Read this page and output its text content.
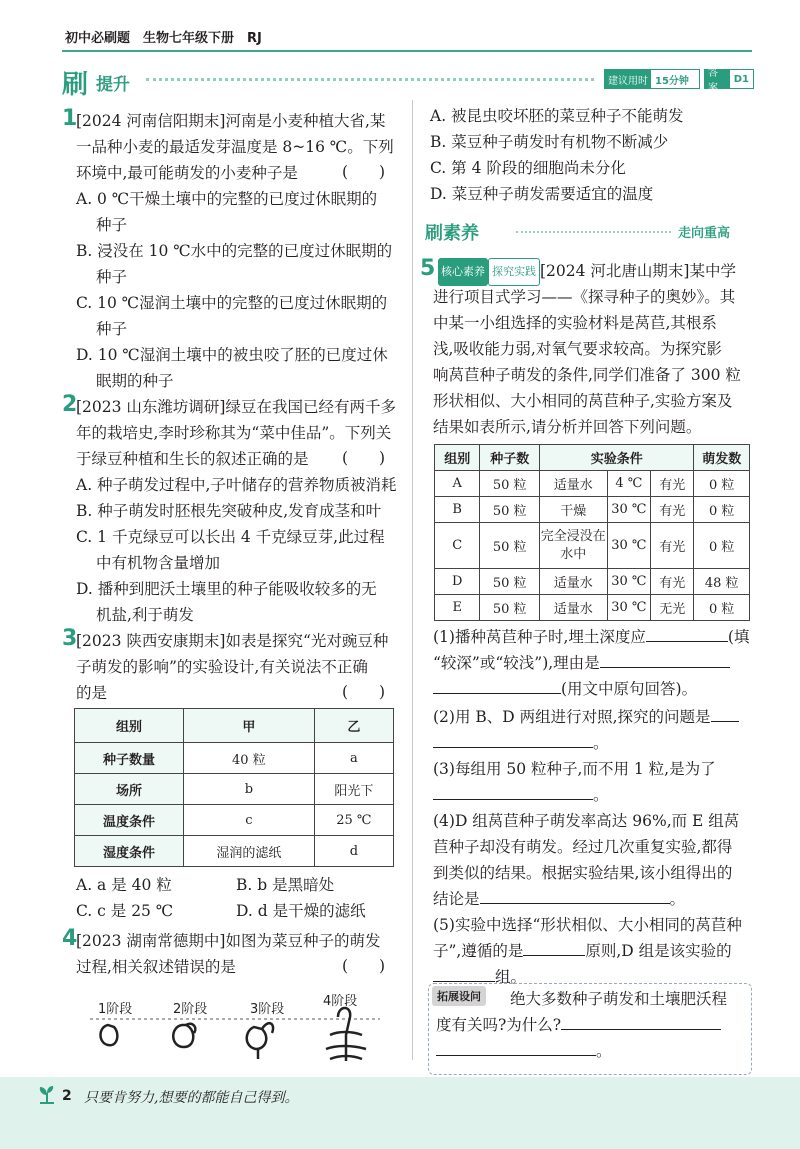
初中必刷题　生物七年级下册　RJ
刷 提升	建议用时 15分钟
答案
D1
1
[2024 河南信阳期末]河南是小麦种植大省,某
一品种小麦的最适发芽温度是 8~16 ℃。下列
环境中,最可能萌发的小麦种子是
A. 0 ℃干燥土壤中的完整的已度过休眠期的
种子
B. 浸没在 10 ℃水中的完整的已度过休眠期的
种子
C. 10 ℃湿润土壤中的完整的已度过休眠期的
种子
D. 10 ℃湿润土壤中的被虫咬了胚的已度过休
眠期的种子
(　　)
2
[2023 山东潍坊调研]绿豆在我国已经有两千多
年的栽培史,李时珍称其为“菜中佳品”。下列关
于绿豆种植和生长的叙述正确的是
A. 种子萌发过程中,子叶储存的营养物质被消耗
B. 种子萌发时胚根先突破种皮,发育成茎和叶
C. 1 千克绿豆可以长出 4 千克绿豆芽,此过程
中有机物含量增加
D. 播种到肥沃土壤里的种子能吸收较多的无
机盐,利于萌发
(　　)
3
[2023 陕西安康期末]如表是探究“光对豌豆种
子萌发的影响”的实验设计,有关说法不正确
的是	(　　)
组别	甲	乙
种子数量	40 粒	a
场所	b	阳光下
温度条件	c	25 ℃
湿度条件	湿润的滤纸	d
A. a 是 40 粒	B. b 是黑暗处
C. c 是 25 ℃	D. d 是干燥的滤纸
4
[2023 湖南常德期中]如图为菜豆种子的萌发
过程,相关叙述错误的是	(　　)
1阶段	2阶段	3阶段
4阶段
A. 被昆虫咬坏胚的菜豆种子不能萌发
B. 菜豆种子萌发时有机物不断减少
C. 第 4 阶段的细胞尚未分化
D. 菜豆种子萌发需要适宜的温度
刷素养	走向重高
5 核心素养 探究实践 [2024 河北唐山期末]某中学
进行项目式学习——《探寻种子的奥妙》。其
中某一小组选择的实验材料是莴苣,其根系
浅,吸收能力弱,对氧气要求较高。为探究影
响莴苣种子萌发的条件,同学们准备了 300 粒
形状相似、大小相同的莴苣种子,实验方案及
结果如表所示,请分析并回答下列问题。
组别	种子数	实验条件			萌发数
A	50 粒	适量水	4 ℃	有光	0 粒
B	50 粒	干燥	30 ℃	有光	0 粒
C	50 粒	完全浸没在水中	30 ℃	有光	0 粒
D	50 粒	适量水	30 ℃	有光	48 粒
E	50 粒	适量水	30 ℃	无光	0 粒
(1)播种莴苣种子时,埋土深度应	(填
“较深”或“较浅”),理由是
(用文中原句回答)。
(2)用 B、D 两组进行对照,探究的问题是
。
(3)每组用 50 粒种子,而不用 1 粒,是为了
。
(4)D 组莴苣种子萌发率高达 96%,而 E 组莴
苣种子却没有萌发。经过几次重复实验,都得
到类似的结果。根据实验结果,该小组得出的
结论是	。
(5)实验中选择“形状相似、大小相同的莴苣种
子”,遵循的是	原则,D 组是该实验的
组。
拓展设问	绝大多数种子萌发和土壤肥沃程
度有关吗?为什么?
。
2 只要肯努力,想要的都能自己得到。
